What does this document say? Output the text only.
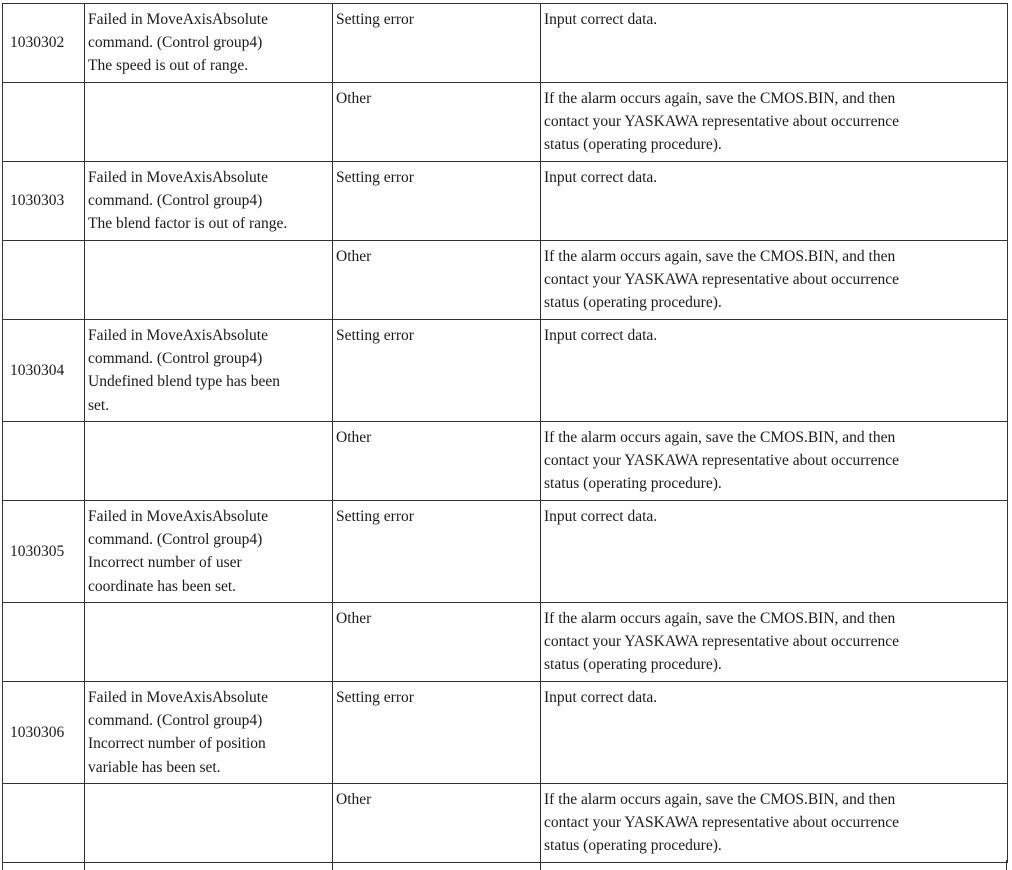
1030302	Failed in MoveAxisAbsolute
command. (Control group4)
The speed is out of range.	Setting error	Input correct data.

		Other	If the alarm occurs again, save the CMOS.BIN, and then
contact your YASKAWA representative about occurrence
status (operating procedure).

1030303	Failed in MoveAxisAbsolute
command. (Control group4)
The blend factor is out of range.	Setting error	Input correct data.

		Other	If the alarm occurs again, save the CMOS.BIN, and then
contact your YASKAWA representative about occurrence
status (operating procedure).

1030304	Failed in MoveAxisAbsolute
command. (Control group4)
Undefined blend type has been
set.	Setting error	Input correct data.

		Other	If the alarm occurs again, save the CMOS.BIN, and then
contact your YASKAWA representative about occurrence
status (operating procedure).

1030305	Failed in MoveAxisAbsolute
command. (Control group4)
Incorrect number of user
coordinate has been set.	Setting error	Input correct data.

		Other	If the alarm occurs again, save the CMOS.BIN, and then
contact your YASKAWA representative about occurrence
status (operating procedure).

1030306	Failed in MoveAxisAbsolute
command. (Control group4)
Incorrect number of position
variable has been set.	Setting error	Input correct data.

		Other	If the alarm occurs again, save the CMOS.BIN, and then
contact your YASKAWA representative about occurrence
status (operating procedure).
